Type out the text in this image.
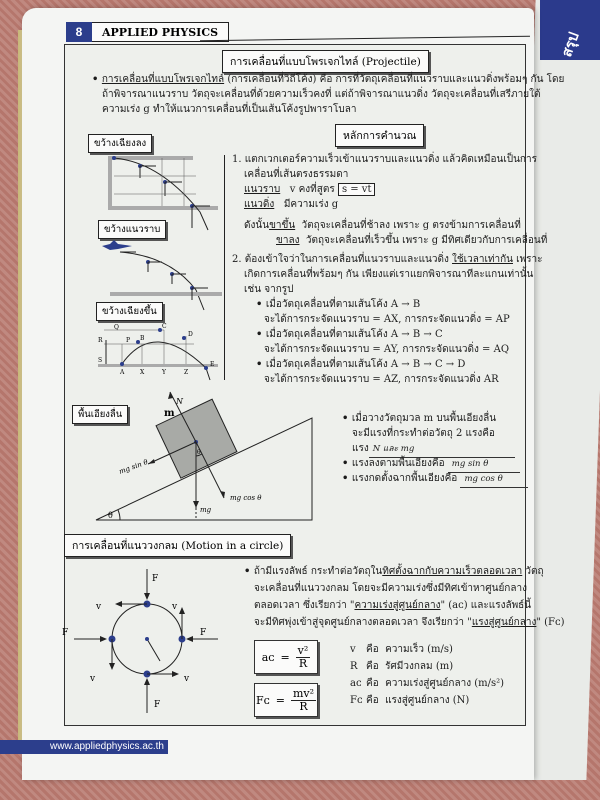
สรุป
8	APPLIED PHYSICS
การเคลื่อนที่แบบโพรเจกไทล์ (Projectile)
• การเคลื่อนที่แบบโพรเจกไทล์ (การเคลื่อนที่วิถีโค้ง) คือ การที่วัตถุเคลื่อนที่แนวราบและแนวดิ่งพร้อมๆ กัน โดย
ถ้าพิจารณาแนวราบ วัตถุจะเคลื่อนที่ด้วยความเร็วคงที่ แต่ถ้าพิจารณาแนวดิ่ง วัตถุจะเคลื่อนที่เสรีภายใต้
ความเร่ง g ทำให้แนวการเคลื่อนที่เป็นเส้นโค้งรูปพาราโบลา
ขว้างเฉียงลง
ขว้างแนวราบ
ขว้างเฉียงขึ้น
Q
R	P B
C
D
S
A	X	Y	Z
E
หลักการคำนวณ
1. แตกเวกเตอร์ความเร็วเข้าแนวราบและแนวดิ่ง แล้วคิดเหมือนเป็นการ
เคลื่อนที่เส้นตรงธรรมดา
แนวราบ v คงที่สูตร s = vt
แนวดิ่ง มีความเร่ง g
ดังนั้นขาขึ้น วัตถุจะเคลื่อนที่ช้าลง เพราะ g ตรงข้ามการเคลื่อนที่
ขาลง วัตถุจะเคลื่อนที่เร็วขึ้น เพราะ g มีทิศเดียวกับการเคลื่อนที่
2. ต้องเข้าใจว่าในการเคลื่อนที่แนวราบและแนวดิ่ง ใช้เวลาเท่ากัน เพราะ
เกิดการเคลื่อนที่พร้อมๆ กัน เพียงแต่เราแยกพิจารณาทีละแกนเท่านั้น
เช่น จากรูป
• เมื่อวัตถุเคลื่อนที่ตามเส้นโค้ง A → B
จะได้การกระจัดแนวราบ = AX, การกระจัดแนวดิ่ง = AP
• เมื่อวัตถุเคลื่อนที่ตามเส้นโค้ง A → B → C
จะได้การกระจัดแนวราบ = AY, การกระจัดแนวดิ่ง = AQ
• เมื่อวัตถุเคลื่อนที่ตามเส้นโค้ง A → B → C → D
จะได้การกระจัดแนวราบ = AZ, การกระจัดแนวดิ่ง AR
พื้นเอียงลื่น
N
m
mg sin θ
mg cos θ
mg
θ
θ
• เมื่อวางวัตถุมวล m บนพื้นเอียงลื่น
จะมีแรงที่กระทำต่อวัตถุ 2 แรงคือ
แรง N และ mg
• แรงลงตามพื้นเอียงคือ mg sin θ
• แรงกดตั้งฉากพื้นเอียงคือ mg cos θ
การเคลื่อนที่แนววงกลม (Motion in a circle)
F
v	v
F
F
v	v
F
• ถ้ามีแรงลัพธ์ กระทำต่อวัตถุในทิศตั้งฉากกับความเร็วตลอดเวลา วัตถุ
จะเคลื่อนที่แนววงกลม โดยจะมีความเร่งซึ่งมีทิศเข้าหาศูนย์กลาง
ตลอดเวลา ซึ่งเรียกว่า "ความเร่งสู่ศูนย์กลาง" (aᴄ) และแรงลัพธ์นี้
จะมีทิศพุ่งเข้าสู่จุดศูนย์กลางตลอดเวลา จึงเรียกว่า "แรงสู่ศูนย์กลาง" (Fᴄ)
aᴄ = $\frac{\text{v²}}{R}$
Fᴄ = $\frac{\text{mv²}}{R}$
v คือ ความเร็ว (m/s)
R คือ รัศมีวงกลม (m)
aᴄ คือ ความเร่งสู่ศูนย์กลาง (m/s²)
Fᴄ คือ แรงสู่ศูนย์กลาง (N)
www.appliedphysics.ac.th
